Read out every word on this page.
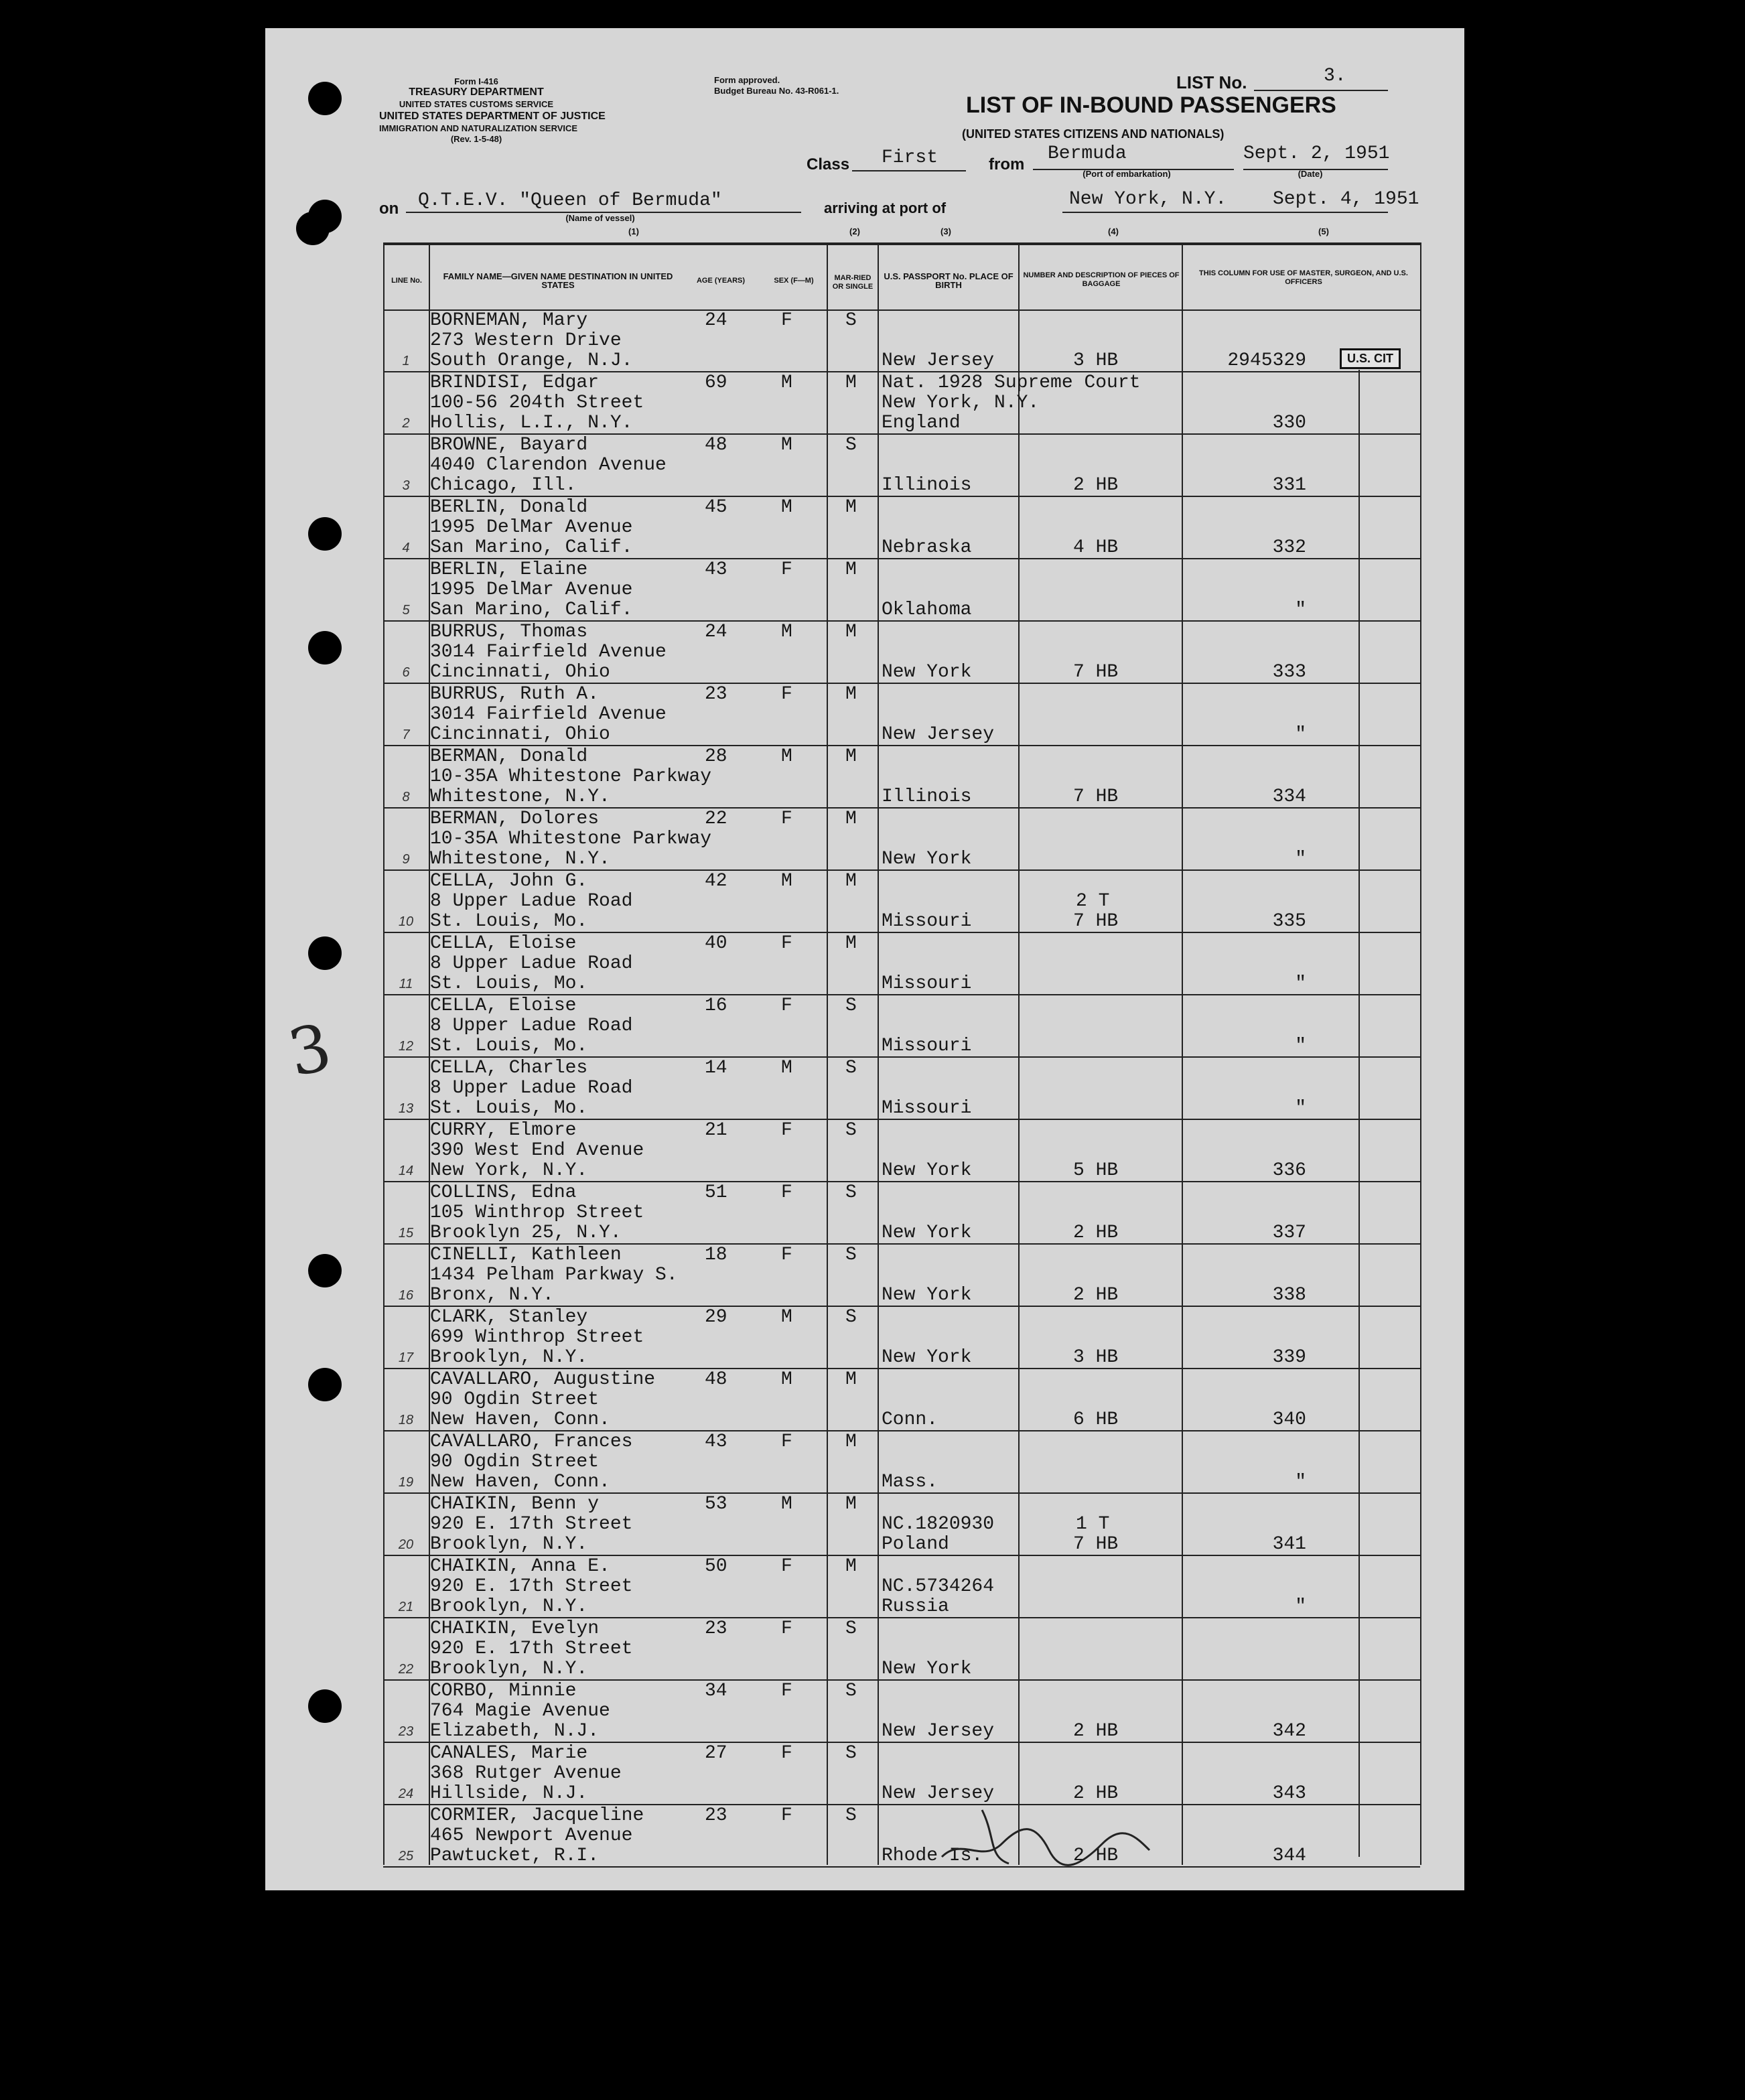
3
Form I-416
TREASURY DEPARTMENT
UNITED STATES CUSTOMS SERVICE
UNITED STATES DEPARTMENT OF JUSTICE
IMMIGRATION AND NATURALIZATION SERVICE
(Rev. 1-5-48)
Form approved.
Budget Bureau No. 43-R061-1.	LIST No.	3.
LIST OF IN-BOUND PASSENGERS
(UNITED STATES CITIZENS AND NATIONALS)
Class First	from
Bermuda
(Port of embarkation)
Sept. 2, 1951
(Date)
on Q.T.E.V. "Queen of Bermuda"
(Name of vessel)
arriving at port of	New York, N.Y. Sept. 4, 1951
(1)	(2)	(3)	(4)	(5)
LINE No.	FAMILY NAME—GIVEN NAME DESTINATION IN UNITED STATES	AGE (YEARS)	SEX (F—M)	MAR-RIED OR SINGLE
U.S. PASSPORT No. PLACE OF BIRTH
NUMBER AND DESCRIPTION OF PIECES OF BAGGAGE
THIS COLUMN FOR USE OF MASTER, SURGEON, AND U.S. OFFICERS
1
BORNEMAN, Mary
273 Western Drive
South Orange, N.J.
24	F	S
New Jersey	3 HB	2945329
2
BRINDISI, Edgar
100-56 204th Street
Hollis, L.I., N.Y.
69	M	M Nat. 1928 Supreme Court
New York, N.Y.
England	330
3
BROWNE, Bayard
4040 Clarendon Avenue
Chicago, Ill.
48	M	S
Illinois	2 HB	331
4
BERLIN, Donald
1995 DelMar Avenue
San Marino, Calif.
45	M	M
Nebraska	4 HB	332
5
BERLIN, Elaine
1995 DelMar Avenue
San Marino, Calif.
43	F	M
Oklahoma	"
6
BURRUS, Thomas
3014 Fairfield Avenue
Cincinnati, Ohio
24	M	M
New York	7 HB	333
7
BURRUS, Ruth A.
3014 Fairfield Avenue
Cincinnati, Ohio
23	F	M
New Jersey	"
8
BERMAN, Donald
10-35A Whitestone Parkway
Whitestone, N.Y.
28	M	M
Illinois	7 HB	334
9
BERMAN, Dolores
10-35A Whitestone Parkway
Whitestone, N.Y.
22	F	M
New York	"
10
CELLA, John G.
8 Upper Ladue Road
St. Louis, Mo.
42	M	M
Missouri
2 T
7 HB	335
11
CELLA, Eloise
8 Upper Ladue Road
St. Louis, Mo.
40	F	M
Missouri	"
12
CELLA, Eloise
8 Upper Ladue Road
St. Louis, Mo.
16	F	S
Missouri	"
13
CELLA, Charles
8 Upper Ladue Road
St. Louis, Mo.
14	M	S
Missouri	"
14
CURRY, Elmore
390 West End Avenue
New York, N.Y.
21	F	S
New York	5 HB	336
15
COLLINS, Edna
105 Winthrop Street
Brooklyn 25, N.Y.
51	F	S
New York	2 HB	337
16
CINELLI, Kathleen
1434 Pelham Parkway S.
Bronx, N.Y.
18	F	S
New York	2 HB	338
17
CLARK, Stanley
699 Winthrop Street
Brooklyn, N.Y.
29	M	S
New York	3 HB	339
18
CAVALLARO, Augustine
90 Ogdin Street
New Haven, Conn.
48	M	M
Conn.	6 HB	340
19
CAVALLARO, Frances
90 Ogdin Street
New Haven, Conn.
43	F	M
Mass.	"
20
CHAIKIN, Benn y
920 E. 17th Street
Brooklyn, N.Y.
53	M	M
NC.1820930
Poland
1 T
7 HB	341
21
CHAIKIN, Anna E.
920 E. 17th Street
Brooklyn, N.Y.
50	F	M
NC.5734264
Russia	"
22
CHAIKIN, Evelyn
920 E. 17th Street
Brooklyn, N.Y.
23	F	S
New York
23
CORBO, Minnie
764 Magie Avenue
Elizabeth, N.J.
34	F	S
New Jersey	2 HB	342
24
CANALES, Marie
368 Rutger Avenue
Hillside, N.J.
27	F	S
New Jersey	2 HB	343
25
CORMIER, Jacqueline
465 Newport Avenue
Pawtucket, R.I.
23	F	S
Rhode Is.	2 HB	344
U.S. CIT
